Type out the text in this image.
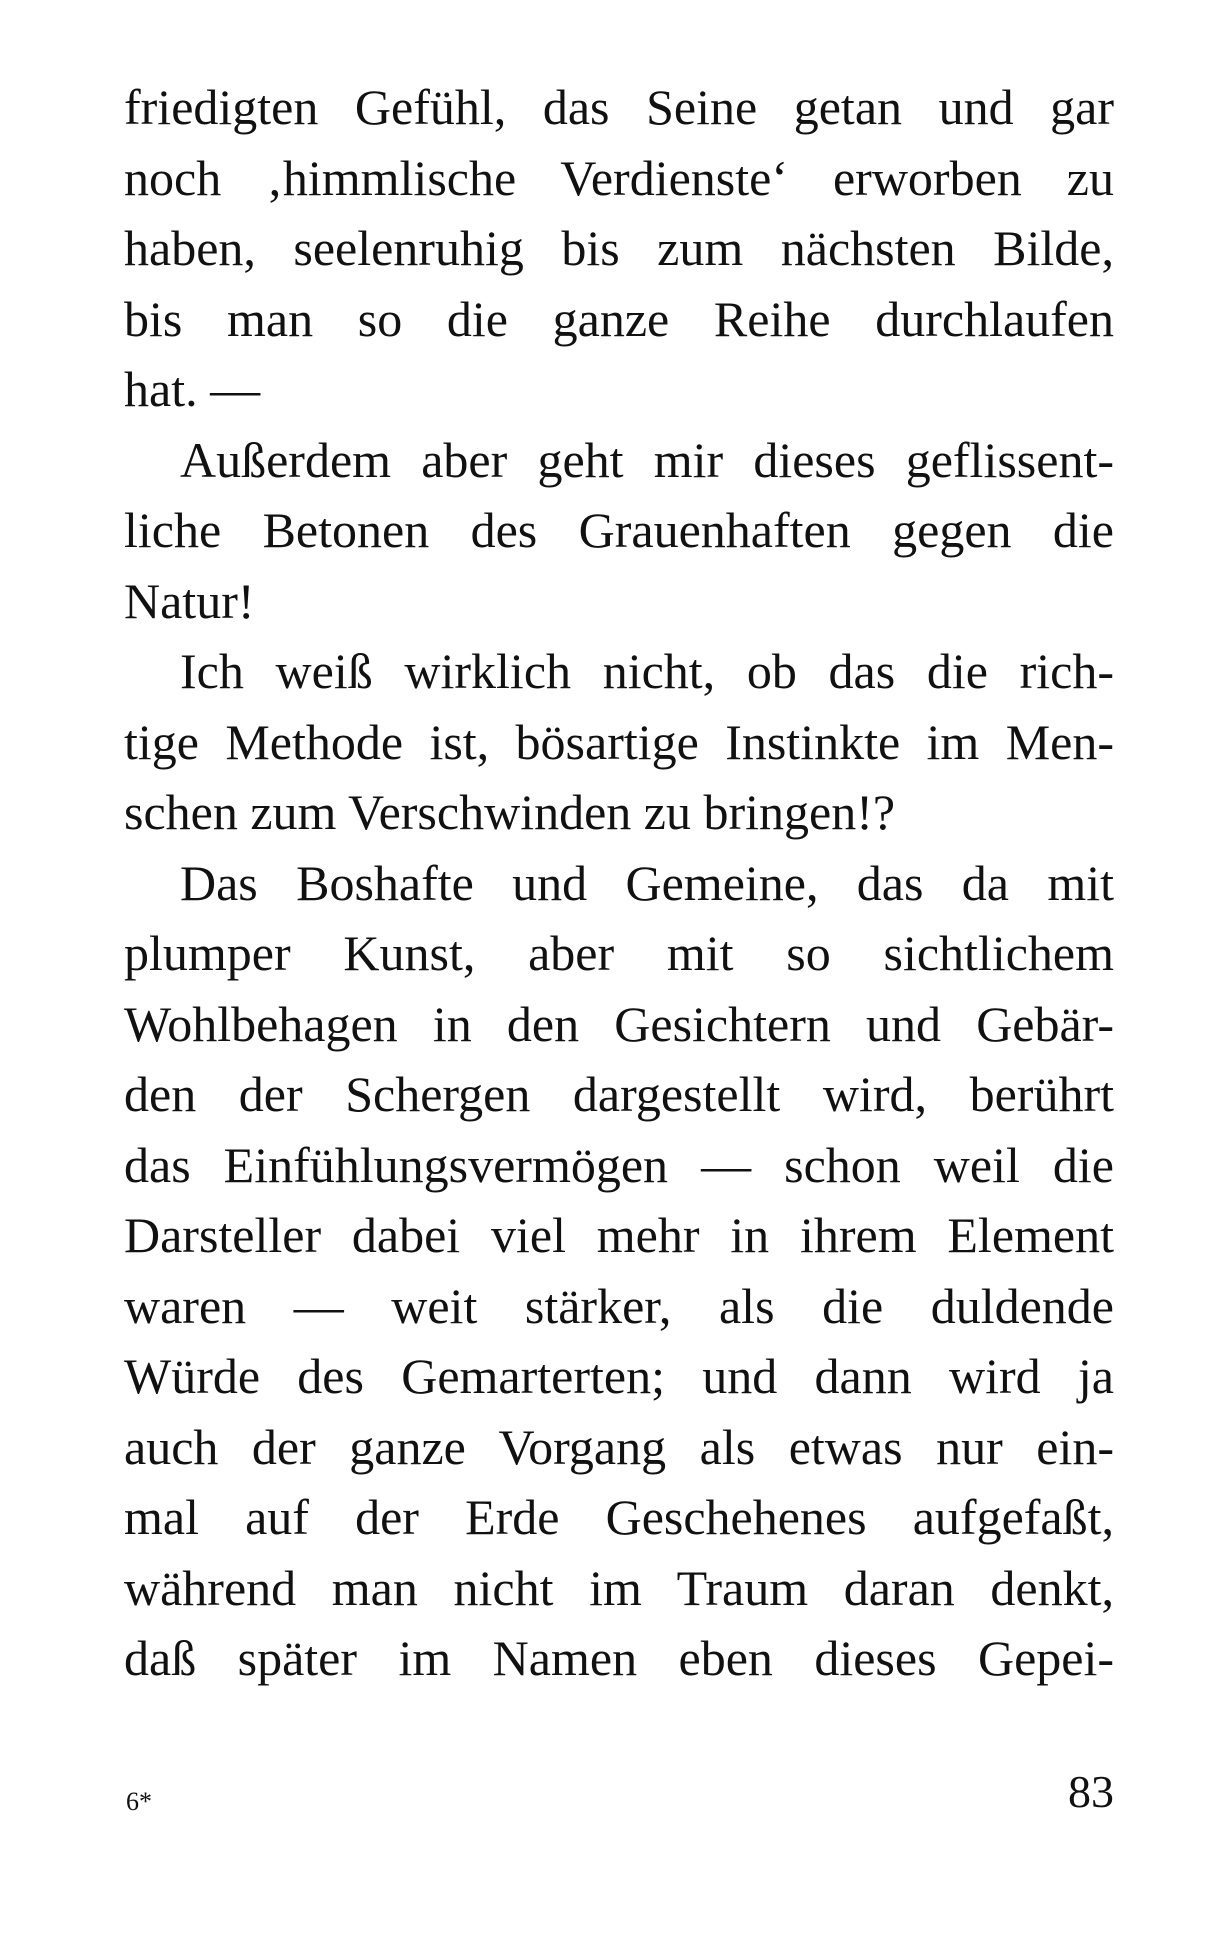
friedigten Gefühl, das Seine getan und gar
noch ‚himmlische Verdienste‘ erworben zu
haben, seelenruhig bis zum nächsten Bilde,
bis man so die ganze Reihe durchlaufen
hat. —
Außerdem aber geht mir dieses geflissent-
liche Betonen des Grauenhaften gegen die
Natur!
Ich weiß wirklich nicht, ob das die rich-
tige Methode ist, bösartige Instinkte im Men-
schen zum Verschwinden zu bringen!?
Das Boshafte und Gemeine, das da mit
plumper Kunst, aber mit so sichtlichem
Wohlbehagen in den Gesichtern und Gebär-
den der Schergen dargestellt wird, berührt
das Einfühlungsvermögen — schon weil die
Darsteller dabei viel mehr in ihrem Element
waren — weit stärker, als die duldende
Würde des Gemarterten; und dann wird ja
auch der ganze Vorgang als etwas nur ein-
mal auf der Erde Geschehenes aufgefaßt,
während man nicht im Traum daran denkt,
daß später im Namen eben dieses Gepei-
6*	83
